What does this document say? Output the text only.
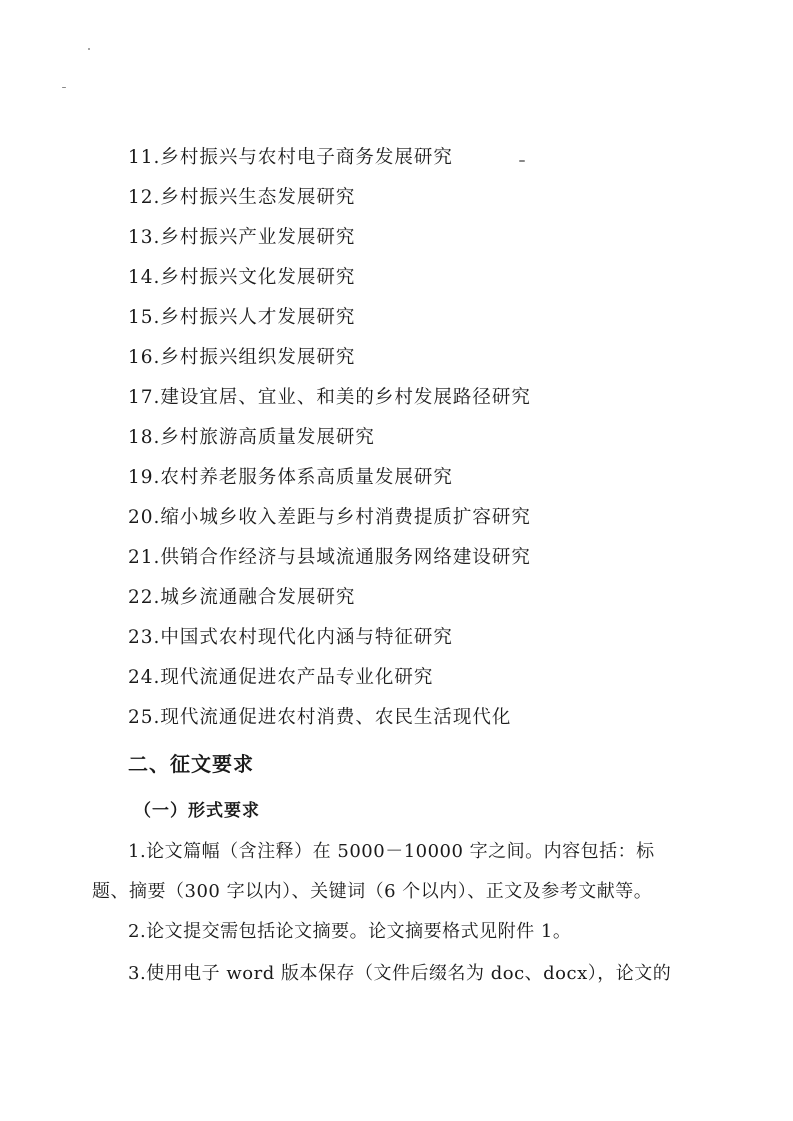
11.乡村振兴与农村电子商务发展研究
12.乡村振兴生态发展研究
13.乡村振兴产业发展研究
14.乡村振兴文化发展研究
15.乡村振兴人才发展研究
16.乡村振兴组织发展研究
17.建设宜居、宜业、和美的乡村发展路径研究
18.乡村旅游高质量发展研究
19.农村养老服务体系高质量发展研究
20.缩小城乡收入差距与乡村消费提质扩容研究
21.供销合作经济与县域流通服务网络建设研究
22.城乡流通融合发展研究
23.中国式农村现代化内涵与特征研究
24.现代流通促进农产品专业化研究
25.现代流通促进农村消费、农民生活现代化
二、征文要求
（一）形式要求
1.论文篇幅（含注释）在 5000－10000 字之间。内容包括：标
题、摘要（300 字以内）、关键词（6 个以内）、正文及参考文献等。
2.论文提交需包括论文摘要。论文摘要格式见附件 1。
3.使用电子 word 版本保存（文件后缀名为 doc、docx），论文的
